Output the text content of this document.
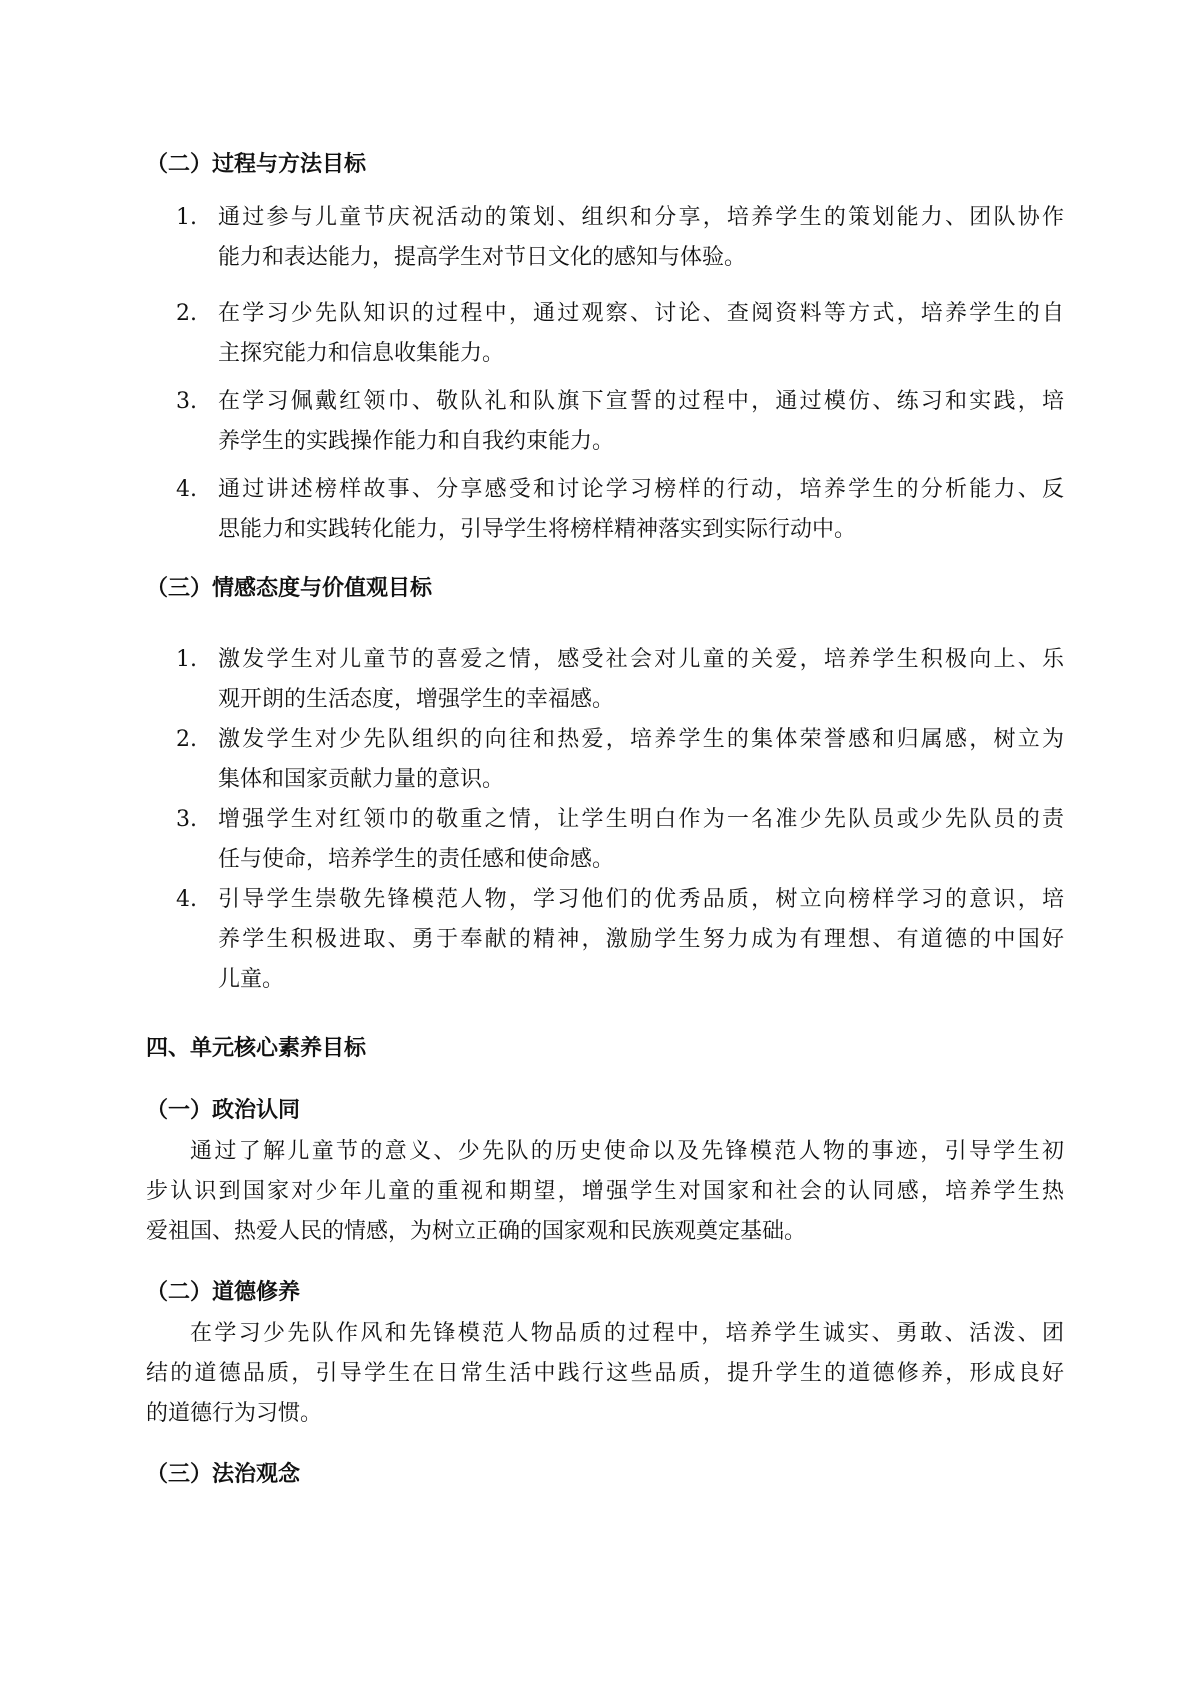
（二）过程与方法目标
1. 通过参与儿童节庆祝活动的策划、组织和分享，培养学生的策划能力、团队协作
能力和表达能力，提高学生对节日文化的感知与体验。
2. 在学习少先队知识的过程中，通过观察、讨论、查阅资料等方式，培养学生的自
主探究能力和信息收集能力。
3. 在学习佩戴红领巾、敬队礼和队旗下宣誓的过程中，通过模仿、练习和实践，培
养学生的实践操作能力和自我约束能力。
4. 通过讲述榜样故事、分享感受和讨论学习榜样的行动，培养学生的分析能力、反
思能力和实践转化能力，引导学生将榜样精神落实到实际行动中。
（三）情感态度与价值观目标
1. 激发学生对儿童节的喜爱之情，感受社会对儿童的关爱，培养学生积极向上、乐
观开朗的生活态度，增强学生的幸福感。
2. 激发学生对少先队组织的向往和热爱，培养学生的集体荣誉感和归属感，树立为
集体和国家贡献力量的意识。
3. 增强学生对红领巾的敬重之情，让学生明白作为一名准少先队员或少先队员的责
任与使命，培养学生的责任感和使命感。
4. 引导学生崇敬先锋模范人物，学习他们的优秀品质，树立向榜样学习的意识，培
养学生积极进取、勇于奉献的精神，激励学生努力成为有理想、有道德的中国好
儿童。
四、单元核心素养目标
（一）政治认同
通过了解儿童节的意义、少先队的历史使命以及先锋模范人物的事迹，引导学生初
步认识到国家对少年儿童的重视和期望，增强学生对国家和社会的认同感，培养学生热
爱祖国、热爱人民的情感，为树立正确的国家观和民族观奠定基础。
（二）道德修养
在学习少先队作风和先锋模范人物品质的过程中，培养学生诚实、勇敢、活泼、团
结的道德品质，引导学生在日常生活中践行这些品质，提升学生的道德修养，形成良好
的道德行为习惯。
（三）法治观念
